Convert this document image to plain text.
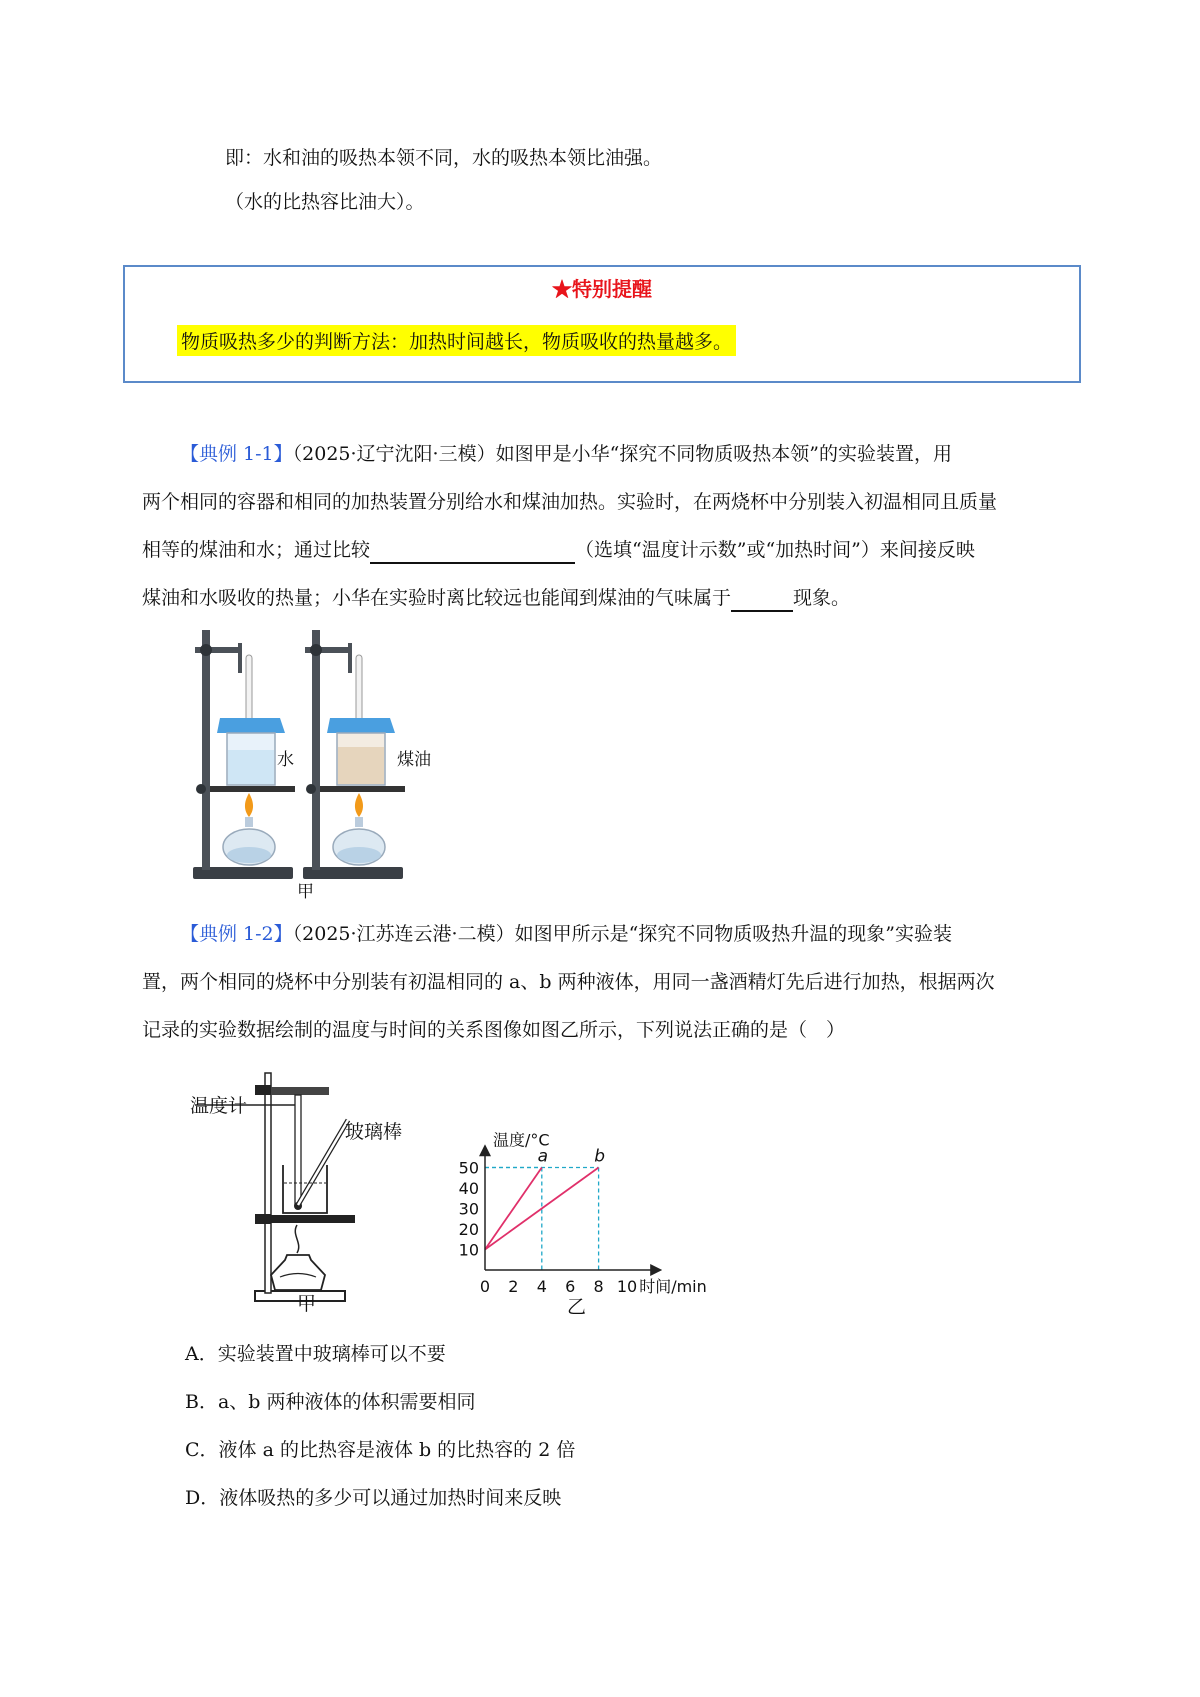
即：水和油的吸热本领不同，水的吸热本领比油强。
（水的比热容比油大）。
★特别提醒
物质吸热多少的判断方法：加热时间越长，物质吸收的热量越多。
【典例 1-1】（2025·辽宁沈阳·三模）如图甲是小华“探究不同物质吸热本领”的实验装置，用
两个相同的容器和相同的加热装置分别给水和煤油加热。实验时，在两烧杯中分别装入初温相同且质量
相等的煤油和水；通过比较	（选填“温度计示数”或“加热时间”）来间接反映
煤油和水吸收的热量；小华在实验时离比较远也能闻到煤油的气味属于	现象。
水	煤油
甲
【典例 1-2】（2025·江苏连云港·二模）如图甲所示是“探究不同物质吸热升温的现象”实验装
置，两个相同的烧杯中分别装有初温相同的 a、b 两种液体，用同一盏酒精灯先后进行加热，根据两次
记录的实验数据绘制的温度与时间的关系图像如图乙所示，下列说法正确的是（　）
温度计
玻璃棒
甲
0 2 4 6 8 10
10
20
30
40
50
时间/min
温度/°C
a	b
乙
A．实验装置中玻璃棒可以不要
B．a、b 两种液体的体积需要相同
C．液体 a 的比热容是液体 b 的比热容的 2 倍
D．液体吸热的多少可以通过加热时间来反映
